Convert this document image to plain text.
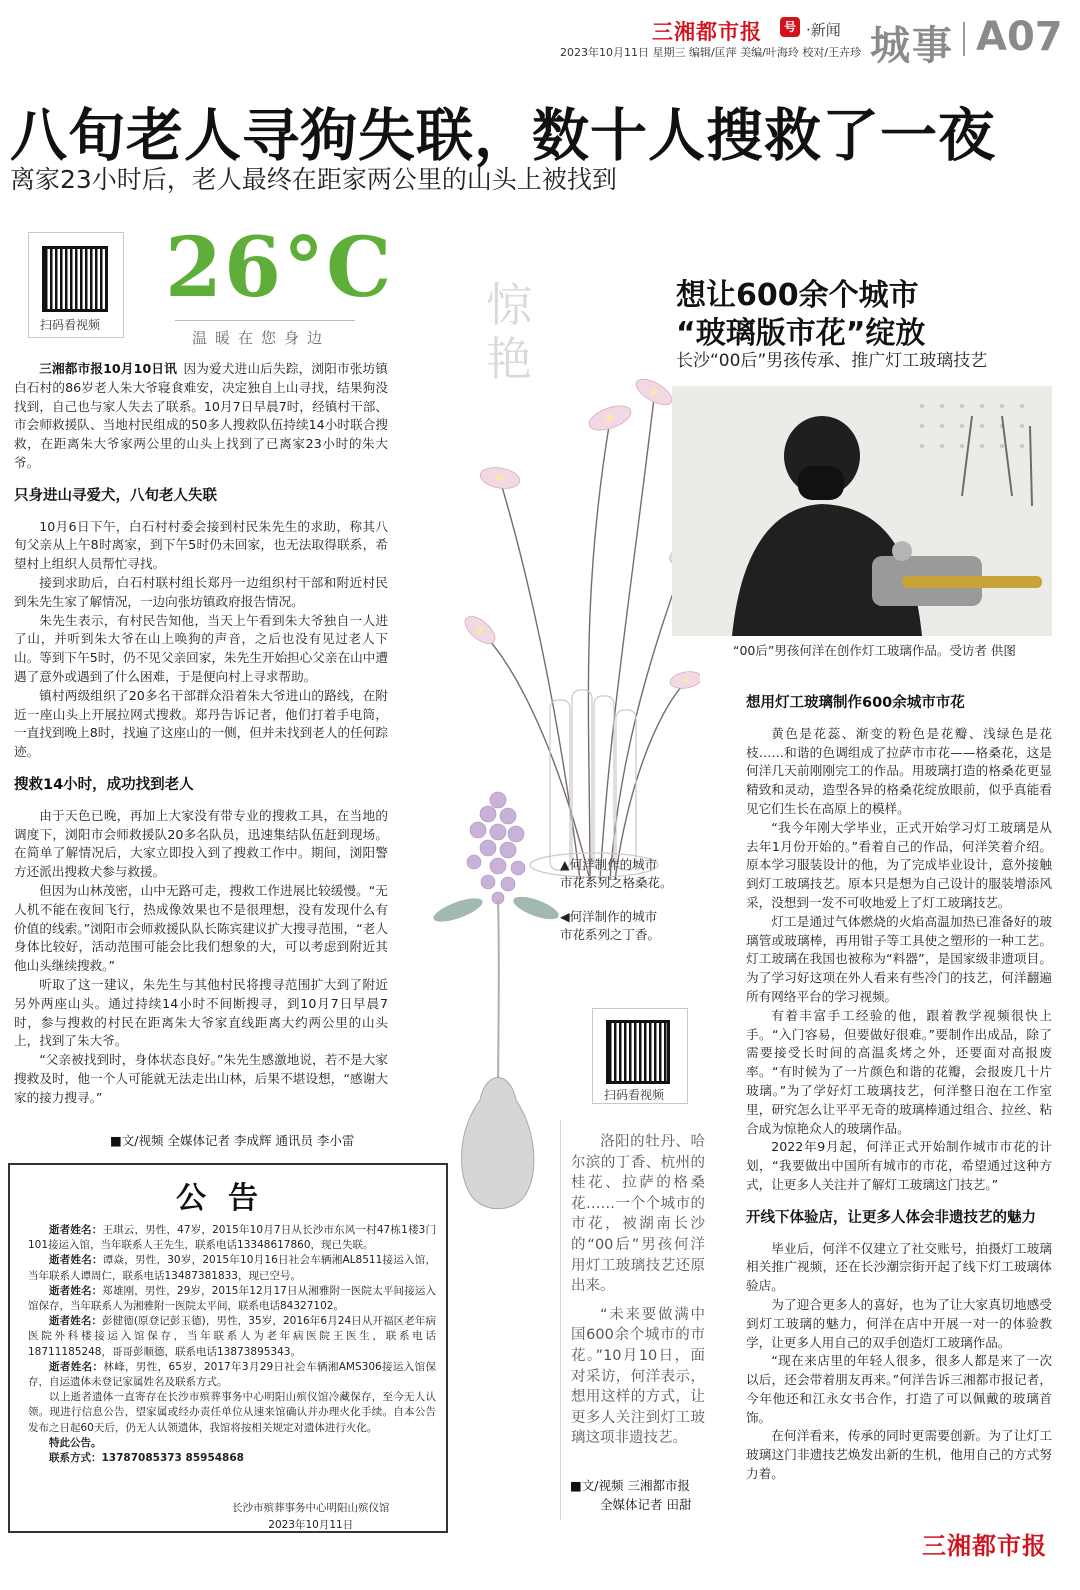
三湘都市报	号 ·新闻
2023年10月11日 星期三 编辑/匡萍 美编/叶海玲 校对/王卉珍 城事 A07
八旬老人寻狗失联，数十人搜救了一夜
离家23小时后，老人最终在距家两公里的山头上被找到
扫码看视频
26°C
温暖在您身边

三湘都市报10月10日讯  因为爱犬进山后失踪，浏阳市张坊镇白石村的86岁老人朱大爷寝食难安，决定独自上山寻找，结果狗没找到，自己也与家人失去了联系。10月7日早晨7时，经镇村干部、市会师救援队、当地村民组成的50多人搜救队伍持续14小时联合搜救，在距离朱大爷家两公里的山头上找到了已离家23小时的朱大爷。

只身进山寻爱犬，八旬老人失联

10月6日下午，白石村村委会接到村民朱先生的求助，称其八旬父亲从上午8时离家，到下午5时仍未回家，也无法取得联系，希望村上组织人员帮忙寻找。

接到求助后，白石村联村组长郑丹一边组织村干部和附近村民到朱先生家了解情况，一边向张坊镇政府报告情况。

朱先生表示，有村民告知他，当天上午看到朱大爷独自一人进了山，并听到朱大爷在山上唤狗的声音，之后也没有见过老人下山。等到下午5时，仍不见父亲回家，朱先生开始担心父亲在山中遭遇了意外或遇到了什么困难，于是便向村上寻求帮助。

镇村两级组织了20多名干部群众沿着朱大爷进山的路线，在附近一座山头上开展拉网式搜救。郑丹告诉记者，他们打着手电筒，一直找到晚上8时，找遍了这座山的一侧，但并未找到老人的任何踪迹。

搜救14小时，成功找到老人

由于天色已晚，再加上大家没有带专业的搜救工具，在当地的调度下，浏阳市会师救援队20多名队员，迅速集结队伍赶到现场。在简单了解情况后，大家立即投入到了搜救工作中。期间，浏阳警方还派出搜救犬参与救援。

但因为山林茂密，山中无路可走，搜救工作进展比较缓慢。“无人机不能在夜间飞行，热成像效果也不是很理想，没有发现什么有价值的线索。”浏阳市会师救援队队长陈宾建议扩大搜寻范围，“老人身体比较好，活动范围可能会比我们想象的大，可以考虑到附近其他山头继续搜救。”

听取了这一建议，朱先生与其他村民将搜寻范围扩大到了附近另外两座山头。通过持续14小时不间断搜寻，到10月7日早晨7时，参与搜救的村民在距离朱大爷家直线距离大约两公里的山头上，找到了朱大爷。

“父亲被找到时，身体状态良好。”朱先生感激地说，若不是大家搜救及时，他一个人可能就无法走出山林，后果不堪设想，“感谢大家的接力搜寻。”

■文/视频 全媒体记者 李成辉 通讯员 李小雷
公告

逝者姓名：王琪云，男性，47岁，2015年10月7日从长沙市东风一村47栋1楼3门101接运入馆，当年联系人王先生，联系电话13348617860，现已失联。

逝者姓名：谭焱，男性，30岁，2015年10月16日社会车辆湘AL8511接运入馆，当年联系人谭周仁，联系电话13487381833，现已空号。

逝者姓名：郑雄刚，男性，29岁，2015年12月17日从湘雅附一医院太平间接运入馆保存，当年联系人为湘雅附一医院太平间，联系电话84327102。

逝者姓名：彭健德(原登记彭玉德)，男性，35岁，2016年6月24日从开福区老年病医院外科楼接运入馆保存，当年联系人为老年病医院王医生，联系电话18711185248，哥哥彭顺德，联系电话13873895343。

逝者姓名：林峰，男性，65岁，2017年3月29日社会车辆湘AMS306接运入馆保存，自运遗体未登记家属姓名及联系方式。

以上逝者遗体一直寄存在长沙市殡葬事务中心明阳山殡仪馆冷藏保存，至今无人认领。现进行信息公告，望家属或经办责任单位从速来馆确认并办理火化手续。自本公告发布之日起60天后，仍无人认领遗体，我馆将按相关规定对遗体进行火化。

特此公告。

联系方式：13787085373 85954868

长沙市殡葬事务中心明阳山殡仪馆
2023年10月11日
惊艳
▲何洋制作的城市
市花系列之格桑花。
◀何洋制作的城市
市花系列之丁香。
扫码看视频

洛阳的牡丹、哈尔滨的丁香、杭州的桂花、拉萨的格桑花……一个个城市的市花，被湖南长沙的“00后”男孩何洋用灯工玻璃技艺还原出来。

“未来要做满中国600余个城市的市花。”10月10日，面对采访，何洋表示，想用这样的方式，让更多人关注到灯工玻璃这项非遗技艺。

■文/视频 三湘都市报
全媒体记者 田甜
想让600余个城市
“玻璃版市花”绽放
长沙“00后”男孩传承、推广灯工玻璃技艺
“00后”男孩何洋在创作灯工玻璃作品。受访者 供图
想用灯工玻璃制作600余城市市花

黄色是花蕊、渐变的粉色是花瓣、浅绿色是花枝……和谐的色调组成了拉萨市市花——格桑花，这是何洋几天前刚刚完工的作品。用玻璃打造的格桑花更显精致和灵动，造型各异的格桑花绽放眼前，似乎真能看见它们生长在高原上的模样。

“我今年刚大学毕业，正式开始学习灯工玻璃是从去年1月份开始的。”看着自己的作品，何洋笑着介绍。原本学习服装设计的他，为了完成毕业设计，意外接触到灯工玻璃技艺。原本只是想为自己设计的服装增添风采，没想到一发不可收地爱上了灯工玻璃技艺。

灯工是通过气体燃烧的火焰高温加热已准备好的玻璃管或玻璃棒，再用钳子等工具使之塑形的一种工艺。灯工玻璃在我国也被称为“料器”，是国家级非遗项目。为了学习好这项在外人看来有些冷门的技艺，何洋翻遍所有网络平台的学习视频。

有着丰富手工经验的他，跟着教学视频很快上手。“入门容易，但要做好很难。”要制作出成品，除了需要接受长时间的高温炙烤之外，还要面对高报废率。“有时候为了一片颜色和谐的花瓣，会报废几十片玻璃。”为了学好灯工玻璃技艺，何洋整日泡在工作室里，研究怎么让平平无奇的玻璃棒通过组合、拉丝、粘合成为惊艳众人的玻璃作品。

2022年9月起，何洋正式开始制作城市市花的计划，“我要做出中国所有城市的市花，希望通过这种方式，让更多人关注并了解灯工玻璃这门技艺。”

开线下体验店，让更多人体会非遗技艺的魅力

毕业后，何洋不仅建立了社交账号，拍摄灯工玻璃相关推广视频，还在长沙潮宗街开起了线下灯工玻璃体验店。

为了迎合更多人的喜好，也为了让大家真切地感受到灯工玻璃的魅力，何洋在店中开展一对一的体验教学，让更多人用自己的双手创造灯工玻璃作品。

“现在来店里的年轻人很多，很多人都是来了一次以后，还会带着朋友再来。”何洋告诉三湘都市报记者，今年他还和江永女书合作，打造了可以佩戴的玻璃首饰。

在何洋看来，传承的同时更需要创新。为了让灯工玻璃这门非遗技艺焕发出新的生机，他用自己的方式努力着。

三湘都市报
